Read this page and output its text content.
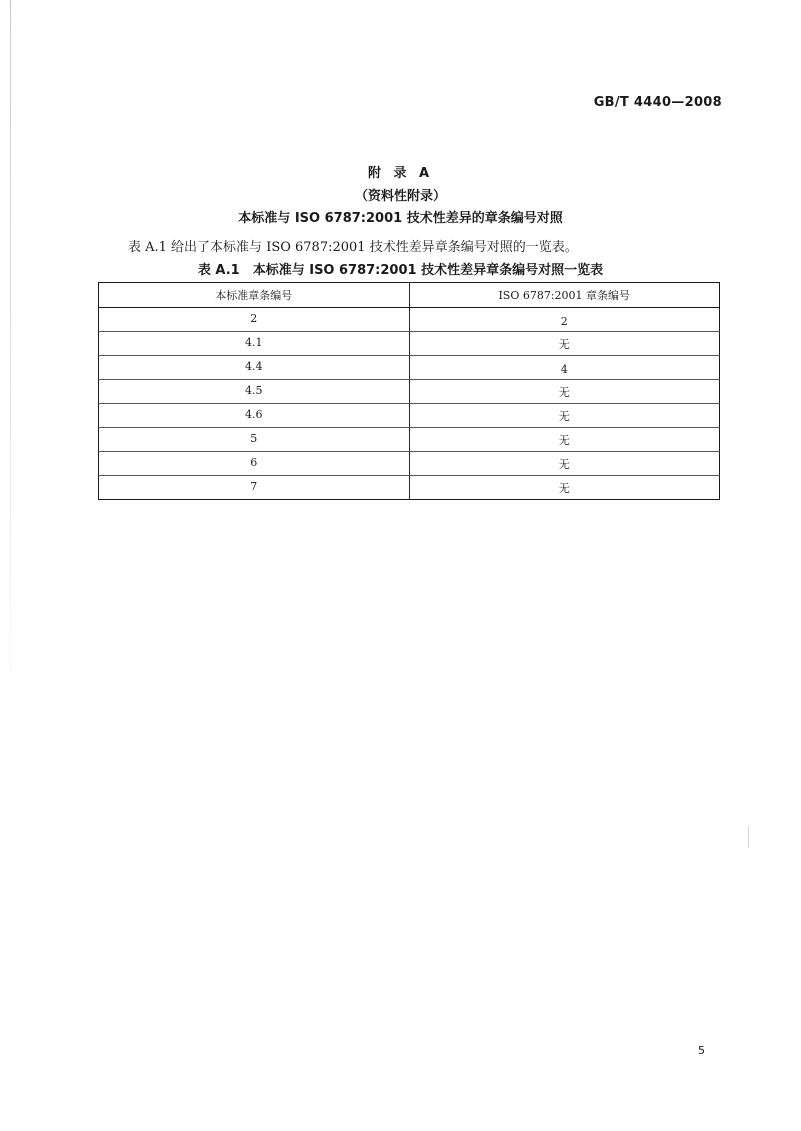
GB/T 4440—2008
附 录 A
（资料性附录）
本标准与 ISO 6787:2001 技术性差异的章条编号对照
表 A.1 给出了本标准与 ISO 6787:2001 技术性差异章条编号对照的一览表。
表 A.1　本标准与 ISO 6787:2001 技术性差异章条编号对照一览表
本标准章条编号	ISO 6787:2001 章条编号
2	2
4.1	无
4.4	4
4.5	无
4.6	无
5	无
6	无
7	无
5
